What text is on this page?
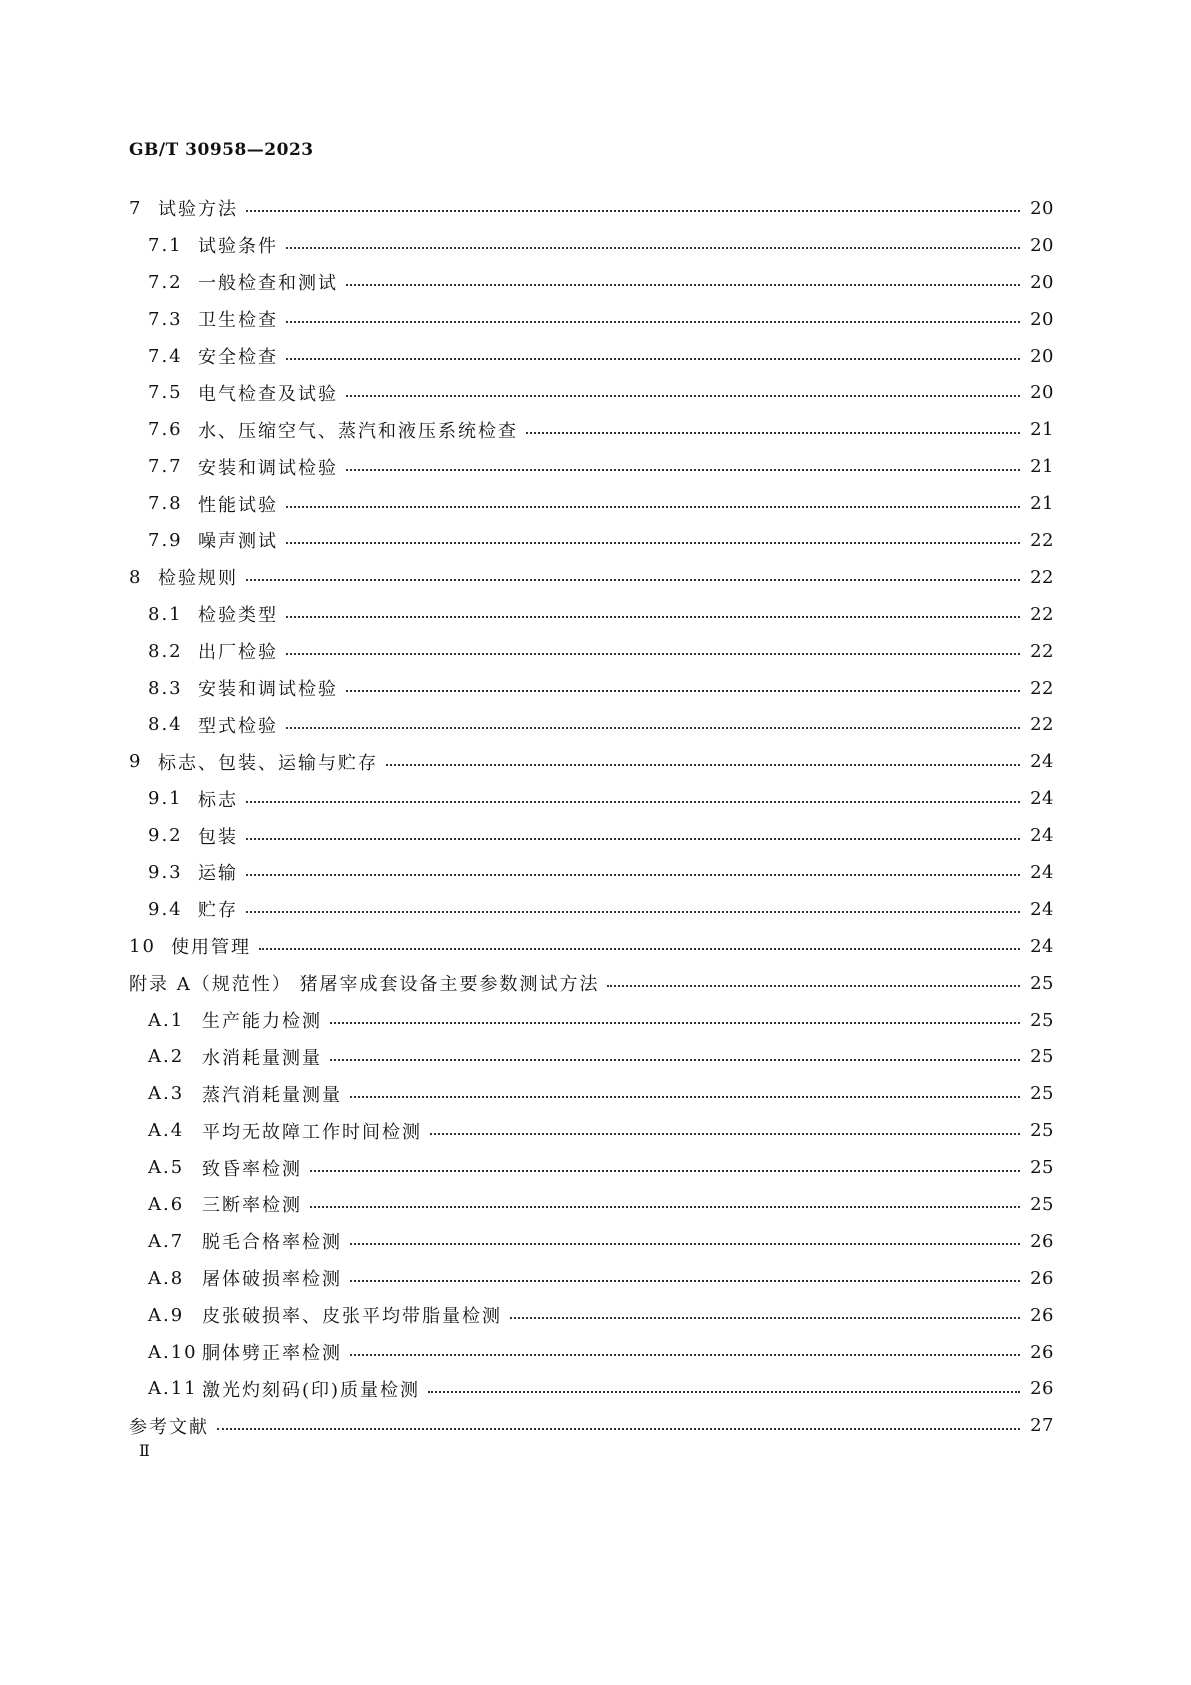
GB/T 30958—2023
7 试验方法	20
7.1 试验条件	20
7.2 一般检查和测试	20
7.3 卫生检查	20
7.4 安全检查	20
7.5 电气检查及试验	20
7.6 水、压缩空气、蒸汽和液压系统检查	21
7.7 安装和调试检验	21
7.8 性能试验	21
7.9 噪声测试	22
8 检验规则	22
8.1 检验类型	22
8.2 出厂检验	22
8.3 安装和调试检验	22
8.4 型式检验	22
9 标志、包装、运输与贮存	24
9.1 标志	24
9.2 包装	24
9.3 运输	24
9.4 贮存	24
10 使用管理	24
附录 A（规范性） 猪屠宰成套设备主要参数测试方法	25
A.1 生产能力检测	25
A.2 水消耗量测量	25
A.3 蒸汽消耗量测量	25
A.4 平均无故障工作时间检测	25
A.5 致昏率检测	25
A.6 三断率检测	25
A.7 脱毛合格率检测	26
A.8 屠体破损率检测	26
A.9 皮张破损率、皮张平均带脂量检测	26
A.10 胴体劈正率检测	26
A.11 激光灼刻码(印)质量检测	26
参考文献	27
Ⅱ
